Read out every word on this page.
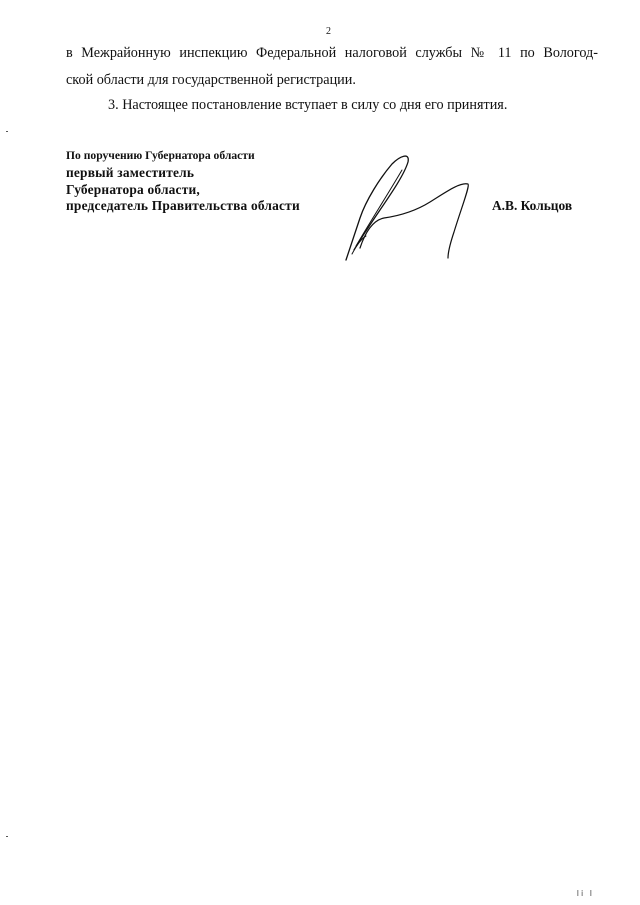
2
в Межрайонную инспекцию Федеральной налоговой службы № 11 по Вологод-
ской области для государственной регистрации.
3. Настоящее постановление вступает в силу со дня его принятия.
По поручению Губернатора области
первый заместитель
Губернатора области,
председатель Правительства области	А.В. Кольцов
li l
